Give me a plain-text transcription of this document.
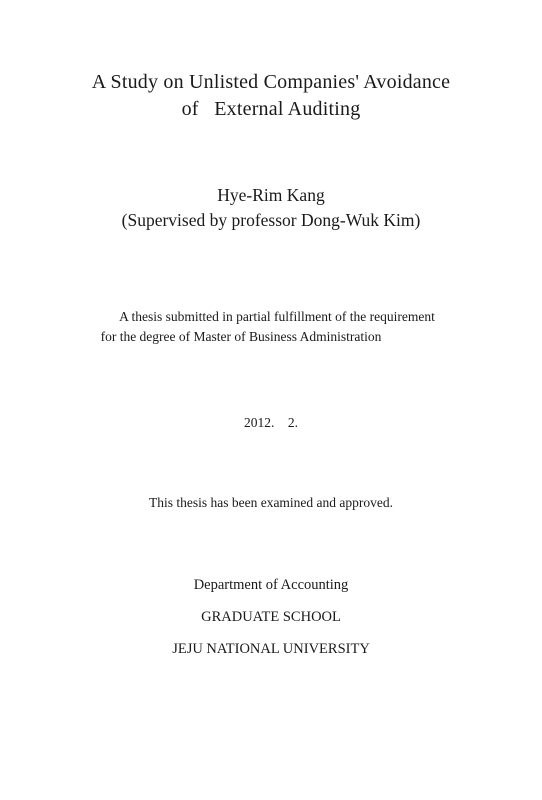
A Study on Unlisted Companies' Avoidance
of   External Auditing
Hye-Rim Kang
(Supervised by professor Dong-Wuk Kim)
A thesis submitted in partial fulfillment of the requirement
for the degree of Master of Business Administration
2012.    2.
This thesis has been examined and approved.
Department of Accounting
GRADUATE SCHOOL
JEJU NATIONAL UNIVERSITY
